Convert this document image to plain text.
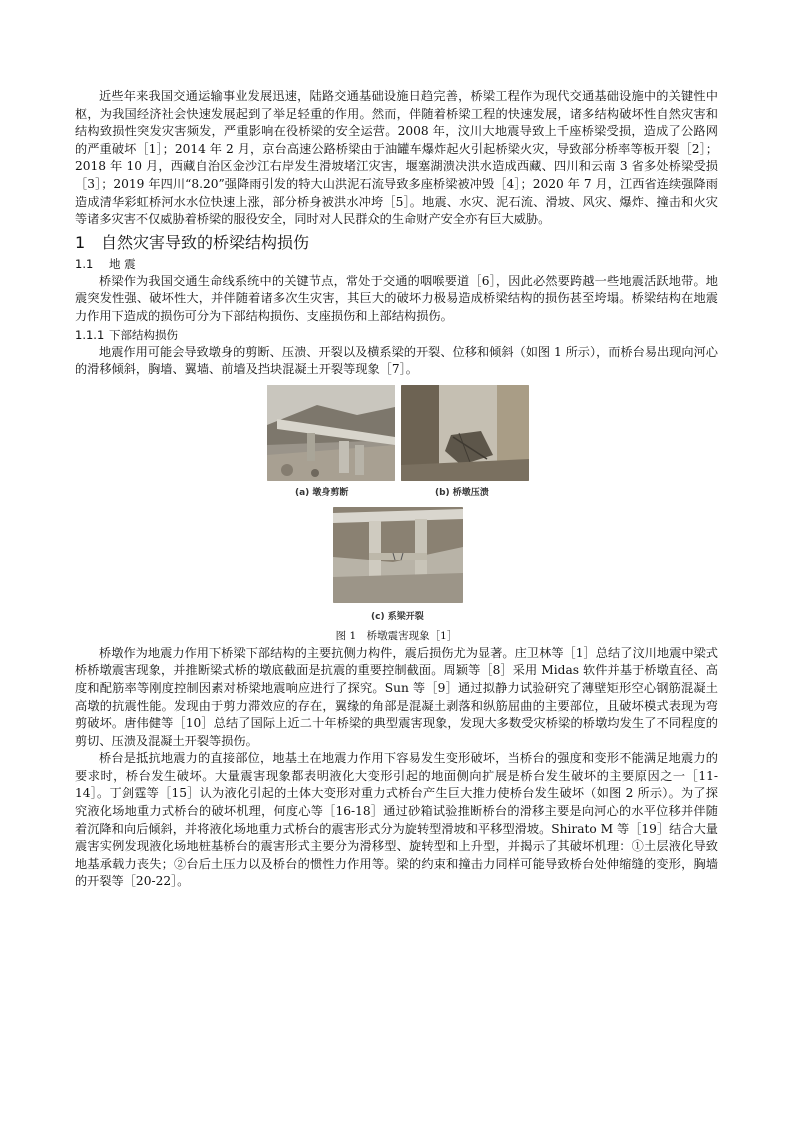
近些年来我国交通运输事业发展迅速，陆路交通基础设施日趋完善，桥梁工程作为现代交通基础设施中的关键性中枢，为我国经济社会快速发展起到了举足轻重的作用。然而，伴随着桥梁工程的快速发展，诸多结构破坏性自然灾害和结构致损性突发灾害频发，严重影响在役桥梁的安全运营。2008 年，汶川大地震导致上千座桥梁受损，造成了公路网的严重破坏［1］；2014 年 2 月，京台高速公路桥梁由于油罐车爆炸起火引起桥梁火灾，导致部分桥率等板开裂［2］；2018 年 10 月，西藏自治区金沙江右岸发生滑坡堵江灾害，堰塞湖溃决洪水造成西藏、四川和云南 3 省多处桥梁受损［3］；2019 年四川“8.20”强降雨引发的特大山洪泥石流导致多座桥梁被冲毁［4］；2020 年 7 月，江西省连续强降雨造成清华彩虹桥河水水位快速上涨，部分桥身被洪水冲垮［5］。地震、水灾、泥石流、滑坡、风灾、爆炸、撞击和火灾等诸多灾害不仅威胁着桥梁的服役安全，同时对人民群众的生命财产安全亦有巨大威胁。

1 自然灾害导致的桥梁结构损伤
1.1 地 震

桥梁作为我国交通生命线系统中的关键节点，常处于交通的咽喉要道［6］，因此必然要跨越一些地震活跃地带。地震突发性强、破坏性大，并伴随着诸多次生灾害，其巨大的破坏力极易造成桥梁结构的损伤甚至垮塌。桥梁结构在地震力作用下造成的损伤可分为下部结构损伤、支座损伤和上部结构损伤。

1.1.1 下部结构损伤

地震作用可能会导致墩身的剪断、压溃、开裂以及横系梁的开裂、位移和倾斜（如图 1 所示），而桥台易出现向河心的滑移倾斜，胸墙、翼墙、前墙及挡块混凝土开裂等现象［7］。

(a) 墩身剪断	(b) 桥墩压溃
(c) 系梁开裂

图 1　桥墩震害现象［1］

桥墩作为地震力作用下桥梁下部结构的主要抗侧力构件，震后损伤尤为显著。庄卫林等［1］总结了汶川地震中梁式桥桥墩震害现象，并推断梁式桥的墩底截面是抗震的重要控制截面。周颖等［8］采用 Midas 软件并基于桥墩直径、高度和配筋率等刚度控制因素对桥梁地震响应进行了探究。Sun 等［9］通过拟静力试验研究了薄壁矩形空心钢筋混凝土高墩的抗震性能。发现由于剪力滞效应的存在，翼缘的角部是混凝土剥落和纵筋屈曲的主要部位，且破坏模式表现为弯剪破坏。唐伟健等［10］总结了国际上近二十年桥梁的典型震害现象，发现大多数受灾桥梁的桥墩均发生了不同程度的剪切、压溃及混凝土开裂等损伤。

桥台是抵抗地震力的直接部位，地基土在地震力作用下容易发生变形破坏，当桥台的强度和变形不能满足地震力的要求时，桥台发生破坏。大量震害现象都表明液化大变形引起的地面侧向扩展是桥台发生破坏的主要原因之一［11-14］。丁剑霆等［15］认为液化引起的土体大变形对重力式桥台产生巨大推力使桥台发生破坏（如图 2 所示）。为了探究液化场地重力式桥台的破坏机理，何度心等［16-18］通过砂箱试验推断桥台的滑移主要是向河心的水平位移并伴随着沉降和向后倾斜，并将液化场地重力式桥台的震害形式分为旋转型滑坡和平移型滑坡。Shirato M 等［19］结合大量震害实例发现液化场地桩基桥台的震害形式主要分为滑移型、旋转型和上升型，并揭示了其破坏机理：①土层液化导致地基承载力丧失；②台后土压力以及桥台的惯性力作用等。梁的约束和撞击力同样可能导致桥台处伸缩缝的变形，胸墙的开裂等［20-22］。
